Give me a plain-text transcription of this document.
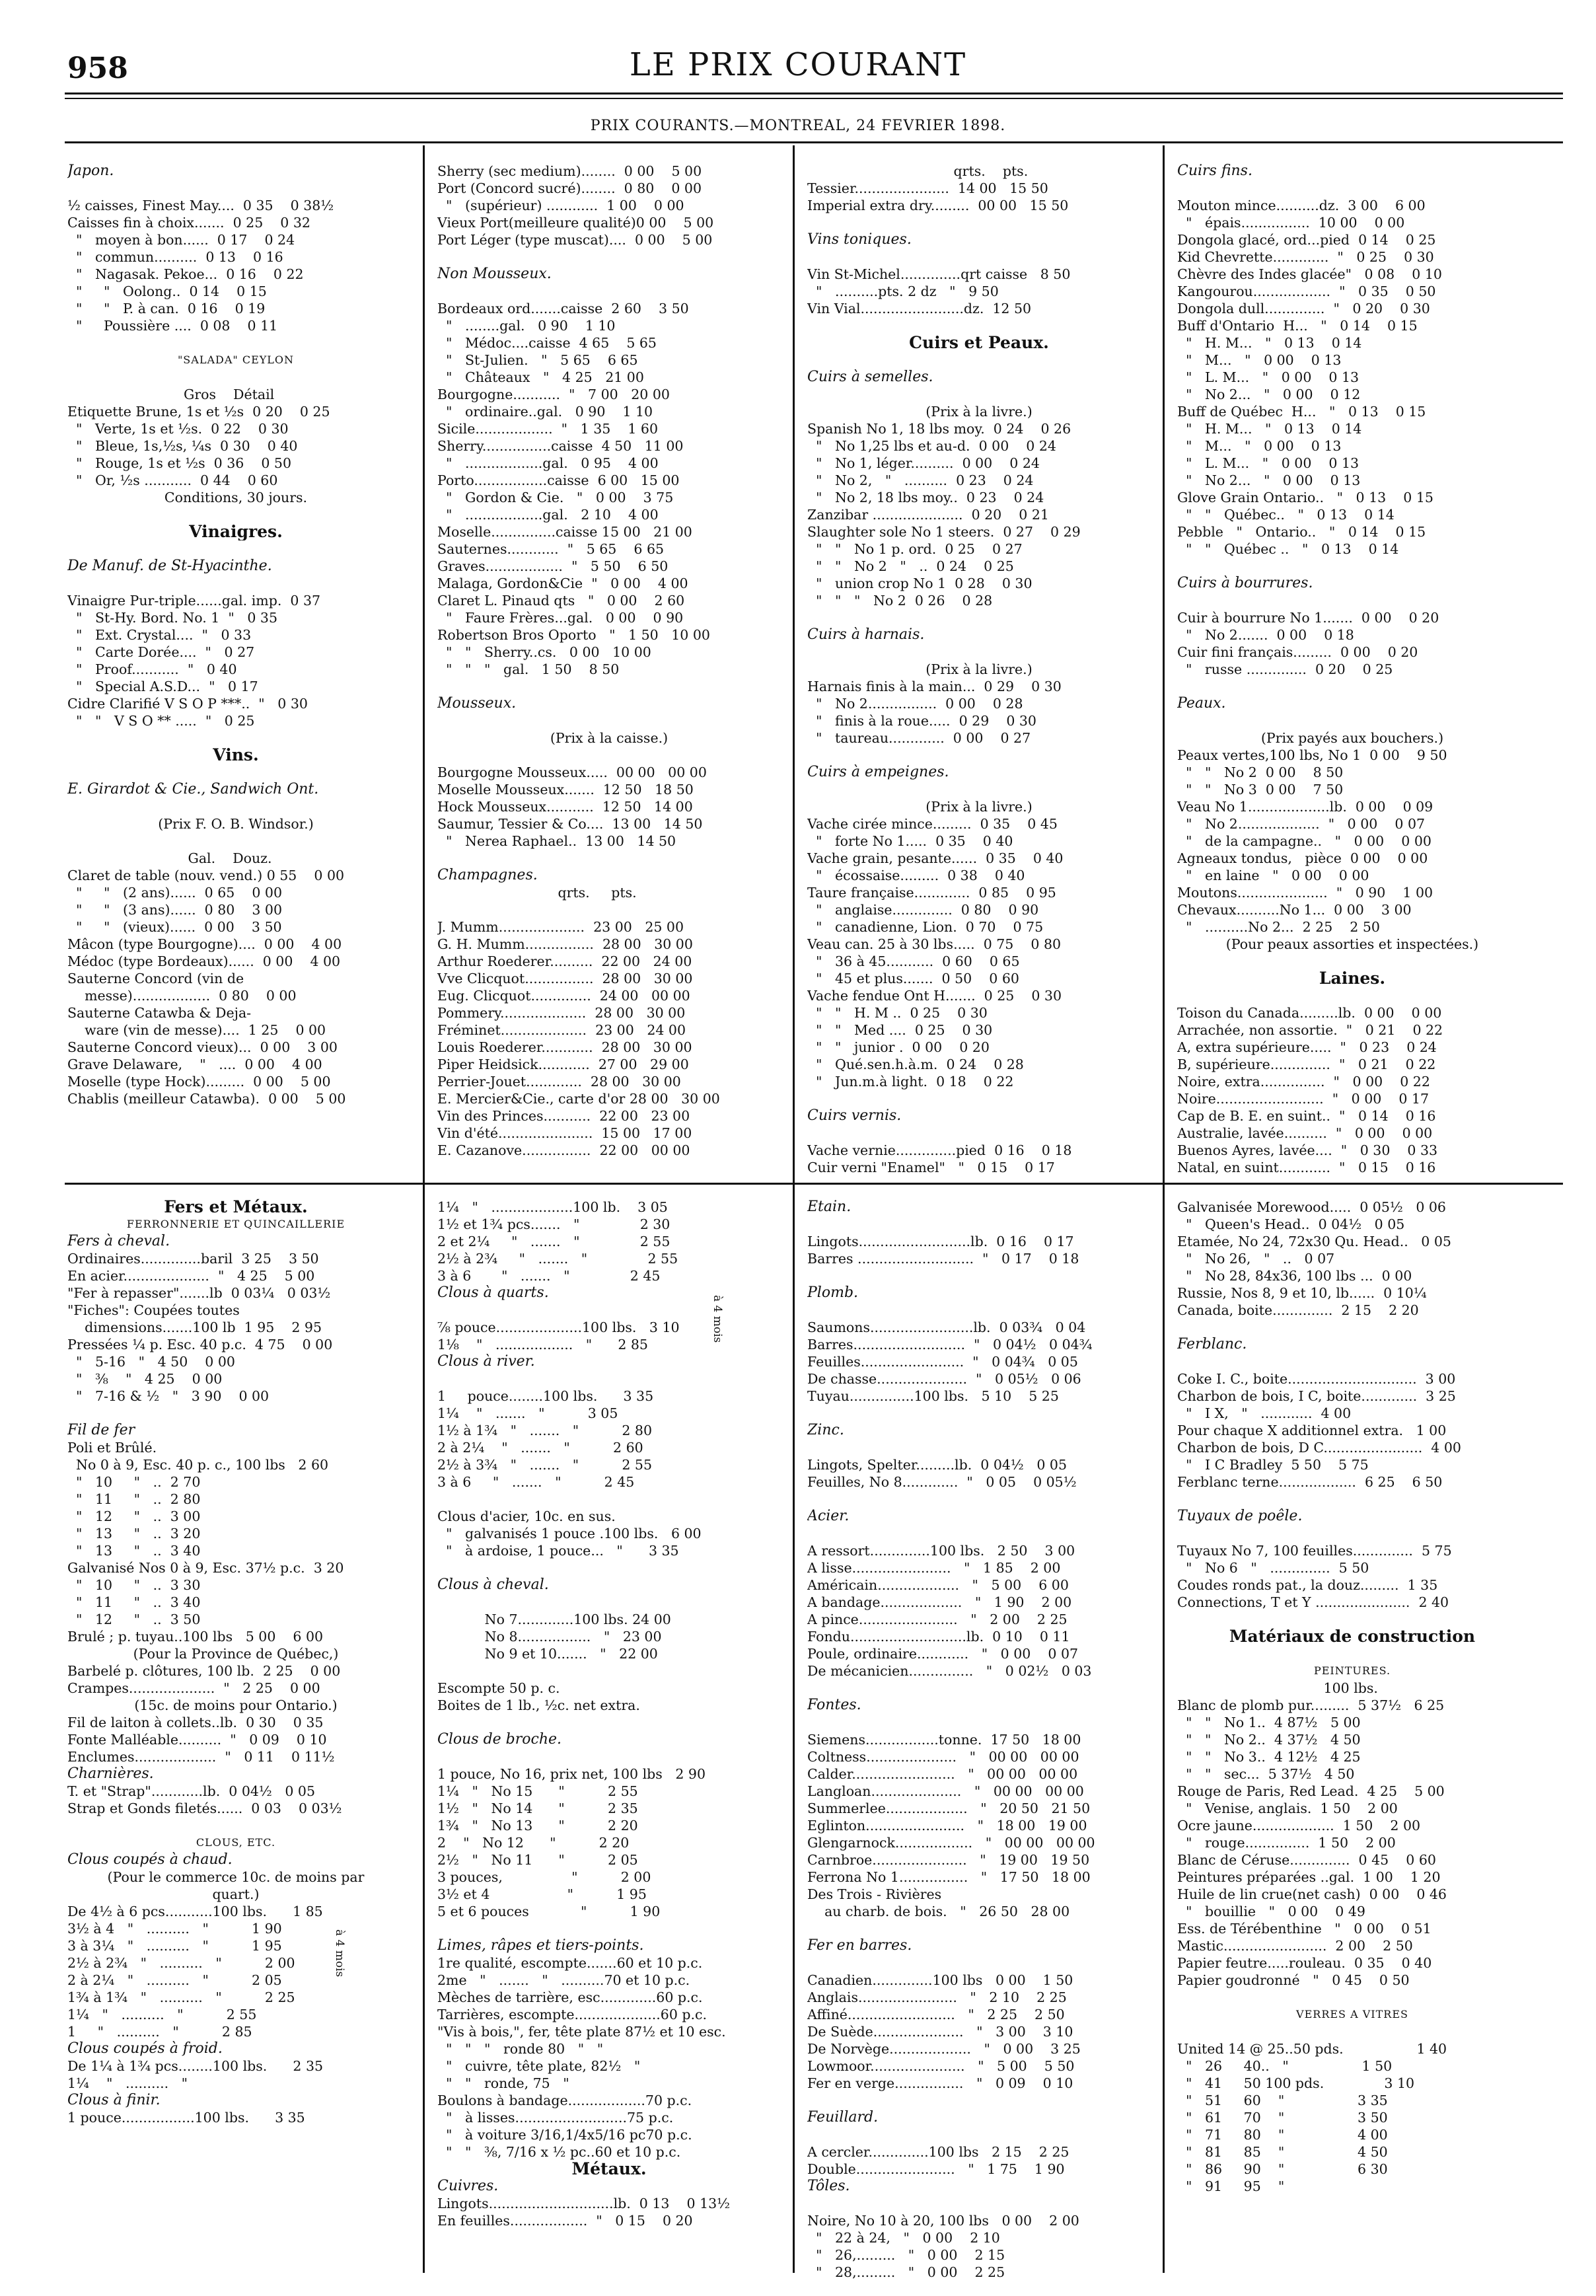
958	LE PRIX COURANT
PRIX COURANTS.—MONTREAL, 24 FEVRIER 1898.
Japon.
½ caisses, Finest May....  0 35    0 38½
Caisses fin à choix.......  0 25    0 32
"   moyen à bon......  0 17    0 24
"   commun..........  0 13    0 16
"   Nagasak. Pekoe...  0 16    0 22
"     "   Oolong..  0 14    0 15
"     "   P. à can.  0 16    0 19
"     Poussière ....  0 08    0 11
"SALADA" CEYLON
Gros    Détail
Etiquette Brune, 1s et ½s  0 20    0 25
"   Verte, 1s et ½s.  0 22    0 30
"   Bleue, 1s,½s, ¼s  0 30    0 40
"   Rouge, 1s et ½s  0 36    0 50
"   Or, ½s ...........  0 44    0 60
Conditions, 30 jours.
Vinaigres.
De Manuf. de St-Hyacinthe.
Vinaigre Pur-triple......gal. imp.  0 37
"   St-Hy. Bord. No. 1  "   0 35
"   Ext. Crystal....  "   0 33
"   Carte Dorée....  "   0 27
"   Proof...........  "   0 40
"   Special A.S.D...  "   0 17
Cidre Clarifié V S O P ***..  "   0 30
"   "   V S O ** .....  "   0 25
Vins.
E. Girardot & Cie., Sandwich Ont.
(Prix F. O. B. Windsor.)
Gal.    Douz.
Claret de table (nouv. vend.) 0 55    0 00
"     "   (2 ans)......  0 65    0 00
"     "   (3 ans)......  0 80    3 00
"     "   (vieux)......  0 00    3 50
Mâcon (type Bourgogne)....  0 00    4 00
Médoc (type Bordeaux)......  0 00    4 00
Sauterne Concord (vin de
messe)..................  0 80    0 00
Sauterne Catawba & Deja-
ware (vin de messe)....  1 25    0 00
Sauterne Concord vieux)...  0 00    3 00
Grave Delaware,    "   ....  0 00    4 00
Moselle (type Hock).........  0 00    5 00
Chablis (meilleur Catawba).  0 00    5 00
Sherry (sec medium)........  0 00    5 00
Port (Concord sucré)........  0 80    0 00
"   (supérieur) ............  1 00    0 00
Vieux Port(meilleure qualité)0 00    5 00
Port Léger (type muscat)....  0 00    5 00
Non Mousseux.
Bordeaux ord.......caisse  2 60    3 50
"   ........gal.   0 90    1 10
"   Médoc....caisse  4 65    5 65
"   St-Julien.   "   5 65    6 65
"   Châteaux   "   4 25   21 00
Bourgogne...........  "   7 00   20 00
"   ordinaire..gal.   0 90    1 10
Sicile..................  "   1 35    1 60
Sherry................caisse  4 50   11 00
"   ..................gal.   0 95    4 00
Porto.................caisse  6 00   15 00
"   Gordon & Cie.   "   0 00    3 75
"   ..................gal.   2 10    4 00
Moselle...............caisse 15 00   21 00
Sauternes............  "   5 65    6 65
Graves..................  "   5 50    6 50
Malaga, Gordon&Cie  "   0 00    4 00
Claret L. Pinaud qts   "   0 00    2 60
"   Faure Frères...gal.   0 00    0 90
Robertson Bros Oporto   "   1 50   10 00
"   "   Sherry..cs.   0 00   10 00
"   "   "   gal.   1 50    8 50
Mousseux.
(Prix à la caisse.)
Bourgogne Mousseux.....  00 00   00 00
Moselle Mousseux.......  12 50   18 50
Hock Mousseux...........  12 50   14 00
Saumur, Tessier & Co....  13 00   14 50
"   Nerea Raphael..  13 00   14 50
Champagnes.
qrts.     pts.
J. Mumm....................  23 00   25 00
G. H. Mumm................  28 00   30 00
Arthur Roederer..........  22 00   24 00
Vve Clicquot................  28 00   30 00
Eug. Clicquot..............  24 00   00 00
Pommery....................  28 00   30 00
Fréminet....................  23 00   24 00
Louis Roederer............  28 00   30 00
Piper Heidsick............  27 00   29 00
Perrier-Jouet.............  28 00   30 00
E. Mercier&Cie., carte d'or 28 00   30 00
Vin des Princes...........  22 00   23 00
Vin d'été......................  15 00   17 00
E. Cazanove................  22 00   00 00
qrts.    pts.
Tessier......................  14 00   15 50
Imperial extra dry.........  00 00   15 50
Vins toniques.
Vin St-Michel..............qrt caisse   8 50
"   ..........pts. 2 dz   "   9 50
Vin Vial........................dz.  12 50
Cuirs et Peaux.
Cuirs à semelles.
(Prix à la livre.)
Spanish No 1, 18 lbs moy.  0 24    0 26
"   No 1,25 lbs et au-d.  0 00    0 24
"   No 1, léger..........  0 00    0 24
"   No 2,   "   ..........  0 23    0 24
"   No 2, 18 lbs moy..  0 23    0 24
Zanzibar .....................  0 20    0 21
Slaughter sole No 1 steers.  0 27    0 29
"   "   No 1 p. ord.  0 25    0 27
"   "   No 2   "   ..  0 24    0 25
"   union crop No 1  0 28    0 30
"   "   "   No 2  0 26    0 28
Cuirs à harnais.
(Prix à la livre.)
Harnais finis à la main...  0 29    0 30
"   No 2................  0 00    0 28
"   finis à la roue.....  0 29    0 30
"   taureau.............  0 00    0 27
Cuirs à empeignes.
(Prix à la livre.)
Vache cirée mince.........  0 35    0 45
"   forte No 1.....  0 35    0 40
Vache grain, pesante......  0 35    0 40
"   écossaise.........  0 38    0 40
Taure française.............  0 85    0 95
"   anglaise..............  0 80    0 90
"   canadienne, Lion.  0 70    0 75
Veau can. 25 à 30 lbs.....  0 75    0 80
"   36 à 45...........  0 60    0 65
"   45 et plus.......  0 50    0 60
Vache fendue Ont H.......  0 25    0 30
"   "   H. M ..  0 25    0 30
"   "   Med ....  0 25    0 30
"   "   junior .  0 00    0 20
"   Qué.sen.h.à.m.  0 24    0 28
"   Jun.m.à light.  0 18    0 22
Cuirs vernis.
Vache vernie..............pied  0 16    0 18
Cuir verni "Enamel"   "   0 15    0 17
Cuirs fins.
Mouton mince..........dz.  3 00    6 00
"   épais................  10 00    0 00
Dongola glacé, ord...pied  0 14    0 25
Kid Chevrette.............  "   0 25    0 30
Chèvre des Indes glacée"   0 08    0 10
Kangourou..................  "   0 35    0 50
Dongola dull..............  "   0 20    0 30
Buff d'Ontario  H...   "   0 14    0 15
"   H. M...   "   0 13    0 14
"   M...   "   0 00    0 13
"   L. M...   "   0 00    0 13
"   No 2...   "   0 00    0 12
Buff de Québec  H...   "   0 13    0 15
"   H. M...   "   0 13    0 14
"   M...   "   0 00    0 13
"   L. M...   "   0 00    0 13
"   No 2...   "   0 00    0 13
Glove Grain Ontario..   "   0 13    0 15
"   "   Québec..   "   0 13    0 14
Pebble   "   Ontario..   "   0 14    0 15
"   "   Québec ..   "   0 13    0 14
Cuirs à bourrures.
Cuir à bourrure No 1.......  0 00    0 20
"   No 2.......  0 00    0 18
Cuir fini français.........  0 00    0 20
"   russe ..............  0 20    0 25
Peaux.
(Prix payés aux bouchers.)
Peaux vertes,100 lbs, No 1  0 00    9 50
"   "   No 2  0 00    8 50
"   "   No 3  0 00    7 50
Veau No 1...................lb.  0 00    0 09
"   No 2...................  "   0 00    0 07
"   de la campagne..   "   0 00    0 00
Agneaux tondus,   pièce  0 00    0 00
"   en laine   "   0 00    0 00
Moutons.....................  "   0 90    1 00
Chevaux..........No 1...  0 00    3 00
"   ..........No 2...  2 25    2 50
(Pour peaux assorties et inspectées.)
Laines.
Toison du Canada.........lb.  0 00    0 00
Arrachée, non assortie.  "   0 21    0 22
A, extra supérieure.....  "   0 23    0 24
B, supérieure..............  "   0 21    0 22
Noire, extra...............  "   0 00    0 22
Noire.........................  "   0 00    0 17
Cap de B. E. en suint..  "   0 14    0 16
Australie, lavée..........  "   0 00    0 00
Buenos Ayres, lavée....  "   0 30    0 33
Natal, en suint............  "   0 15    0 16
Fers et Métaux.
FERRONNERIE ET QUINCAILLERIE
Fers à cheval.
Ordinaires..............baril  3 25    3 50
En acier....................  "   4 25    5 00
"Fer à repasser".......lb  0 03¼   0 03½
"Fiches": Coupées toutes
dimensions.......100 lb  1 95    2 95
Pressées ¼ p. Esc. 40 p.c.  4 75    0 00
"   5-16   "   4 50    0 00
"   ⅜    "   4 25    0 00
"   7-16 & ½   "   3 90    0 00
Fil de fer
Poli et Brûlé.
No 0 à 9, Esc. 40 p. c., 100 lbs   2 60
"   10     "   ..  2 70
"   11     "   ..  2 80
"   12     "   ..  3 00
"   13     "   ..  3 20
"   13     "   ..  3 40
Galvanisé Nos 0 à 9, Esc. 37½ p.c.  3 20
"   10     "   ..  3 30
"   11     "   ..  3 40
"   12     "   ..  3 50
Brulé ; p. tuyau..100 lbs   5 00    6 00
(Pour la Province de Québec,)
Barbelé p. clôtures, 100 lb.  2 25    0 00
Crampes....................  "   2 25    0 00
(15c. de moins pour Ontario.)
Fil de laiton à collets..lb.  0 30    0 35
Fonte Malléable..........  "   0 09    0 10
Enclumes...................  "   0 11    0 11½
Charnières.
T. et "Strap"............lb.  0 04½   0 05
Strap et Gonds filetés......  0 03    0 03½
CLOUS, ETC.
Clous coupés à chaud.
(Pour le commerce 10c. de moins par
quart.)
De 4½ à 6 pcs...........100 lbs.      1 85
3½ à 4   "   ..........   "          1 90
3 à 3¼   "   ..........   "          1 95
2½ à 2¾   "   ..........   "          2 00
2 à 2¼   "   ..........   "          2 05
1¾ à 1¾   "   ..........   "          2 25
1¼   "   ..........   "          2 55
1     "   ..........   "          2 85
Clous coupés à froid.
De 1¼ à 1¾ pcs........100 lbs.      2 35
1¼    "   ..........   "
Clous à finir.
1 pouce.................100 lbs.      3 35
1¼   "   ...................100 lb.    3 05
1½ et 1¾ pcs.......   "              2 30
2 et 2¼     "   .......   "              2 55
2½ à 2¾     "   .......   "              2 55
3 à 6       "   .......   "              2 45
Clous à quarts.
⅞ pouce....................100 lbs.   3 10
1⅛    "   ..................   "      2 85
Clous à river.
1     pouce........100 lbs.      3 35
1¼    "   .......   "          3 05
1½ à 1¾   "   .......   "          2 80
2 à 2¼    "   .......   "          2 60
2½ à 3¾   "   .......   "          2 55
3 à 6     "   .......   "          2 45
Clous d'acier, 10c. en sus.
"   galvanisés 1 pouce .100 lbs.   6 00
"   à ardoise, 1 pouce...   "      3 35
Clous à cheval.
No 7.............100 lbs. 24 00
No 8.................   "   23 00
No 9 et 10.......   "   22 00
Escompte 50 p. c.
Boites de 1 lb., ½c. net extra.
Clous de broche.
1 pouce, No 16, prix net, 100 lbs   2 90
1¼   "   No 15      "          2 55
1½   "   No 14      "          2 35
1¾   "   No 13      "          2 20
2    "   No 12      "          2 20
2½   "   No 11      "          2 05
3 pouces,                "          2 00
3½ et 4                  "          1 95
5 et 6 pouces            "          1 90
Limes, râpes et tiers-points.
1re qualité, escompte.......60 et 10 p.c.
2me   "   .......   "   ..........70 et 10 p.c.
Mèches de tarrière, esc.............60 p.c.
Tarrières, escompte....................60 p.c.
"Vis à bois,", fer, tête plate 87½ et 10 esc.
"   "   "   ronde 80   "   "
"   cuivre, tête plate, 82½   "
"   "   ronde, 75   "
Boulons à bandage..................70 p.c.
"   à lisses..........................75 p.c.
"   à voiture 3/16,1/4x5/16 pc70 p.c.
"   "   ⅜, 7/16 x ½ pc..60 et 10 p.c.
Métaux.
Cuivres.
Lingots.............................lb.  0 13    0 13½
En feuilles..................  "   0 15    0 20
Etain.
Lingots..........................lb.  0 16    0 17
Barres ...........................  "   0 17    0 18
Plomb.
Saumons........................lb.  0 03¾   0 04
Barres..........................  "   0 04½   0 04¾
Feuilles........................  "   0 04¾   0 05
De chasse.....................  "   0 05½   0 06
Tuyau...............100 lbs.   5 10    5 25
Zinc.
Lingots, Spelter.........lb.  0 04½   0 05
Feuilles, No 8.............  "   0 05    0 05½
Acier.
A ressort..............100 lbs.   2 50    3 00
A lisse.......................   "   1 85    2 00
Américain...................   "   5 00    6 00
A bandage...................   "   1 90    2 00
A pince.......................   "   2 00    2 25
Fondu...........................lb.  0 10    0 11
Poule, ordinaire............   "   0 00    0 07
De mécanicien...............   "   0 02½   0 03
Fontes.
Siemens.................tonne.  17 50   18 00
Coltness.....................   "   00 00   00 00
Calder........................   "   00 00   00 00
Langloan.....................   "   00 00   00 00
Summerlee...................   "   20 50   21 50
Eglinton.......................   "   18 00   19 00
Glengarnock..................   "   00 00   00 00
Carnbroe......................   "   19 00   19 50
Ferrona No 1................   "   17 50   18 00
Des Trois - Rivières
au charb. de bois.   "   26 50   28 00
Fer en barres.
Canadien..............100 lbs   0 00    1 50
Anglais.......................   "   2 10    2 25
Affiné.........................   "   2 25    2 50
De Suède.....................   "   3 00    3 10
De Norvège...................   "   0 00    3 25
Lowmoor......................   "   5 00    5 50
Fer en verge................   "   0 09    0 10
Feuillard.
A cercler..............100 lbs   2 15    2 25
Double.......................   "   1 75    1 90
Tôles.
Noire, No 10 à 20, 100 lbs   0 00    2 00
"   22 à 24,   "   0 00    2 10
"   26,.........   "   0 00    2 15
"   28,.........   "   0 00    2 25
Galvanisée Morewood.....  0 05½   0 06
"   Queen's Head..  0 04½   0 05
Etamée, No 24, 72x30 Qu. Head..   0 05
"   No 26,   "   ..   0 07
"   No 28, 84x36, 100 lbs ...  0 00
Russie, Nos 8, 9 et 10, lb......  0 10¼
Canada, boite..............  2 15    2 20
Ferblanc.
Coke I. C., boite..............................  3 00
Charbon de bois, I C, boite.............  3 25
"   I X,   "   ............  4 00
Pour chaque X additionnel extra.   1 00
Charbon de bois, D C.......................  4 00
"   I C Bradley  5 50    5 75
Ferblanc terne..................  6 25    6 50
Tuyaux de poêle.
Tuyaux No 7, 100 feuilles..............  5 75
"   No 6   "   ..............  5 50
Coudes ronds pat., la douz.........  1 35
Connections, T et Y ......................  2 40
Matériaux de construction
PEINTURES.
100 lbs.
Blanc de plomb pur.........  5 37½   6 25
"   "   No 1..  4 87½   5 00
"   "   No 2..  4 37½   4 50
"   "   No 3..  4 12½   4 25
"   "   sec...  5 37½   4 50
Rouge de Paris, Red Lead.  4 25    5 00
"   Venise, anglais.  1 50    2 00
Ocre jaune...................  1 50    2 00
"   rouge...............  1 50    2 00
Blanc de Céruse..............  0 45    0 60
Peintures préparées ..gal.  1 00    1 20
Huile de lin crue(net cash)  0 00    0 46
"   bouillie   "   0 00    0 49
Ess. de Térébenthine   "   0 00    0 51
Mastic........................  2 00    2 50
Papier feutre.....rouleau.  0 35    0 40
Papier goudronné   "   0 45    0 50
VERRES A VITRES
United 14 @ 25..50 pds.                 1 40
"   26     40..   "                 1 50
"   41     50 100 pds.              3 10
"   51     60    "                 3 35
"   61     70    "                 3 50
"   71     80    "                 4 00
"   81     85    "                 4 50
"   86     90    "                 6 30
"   91     95    "
à 4 mois
à 4 mois
